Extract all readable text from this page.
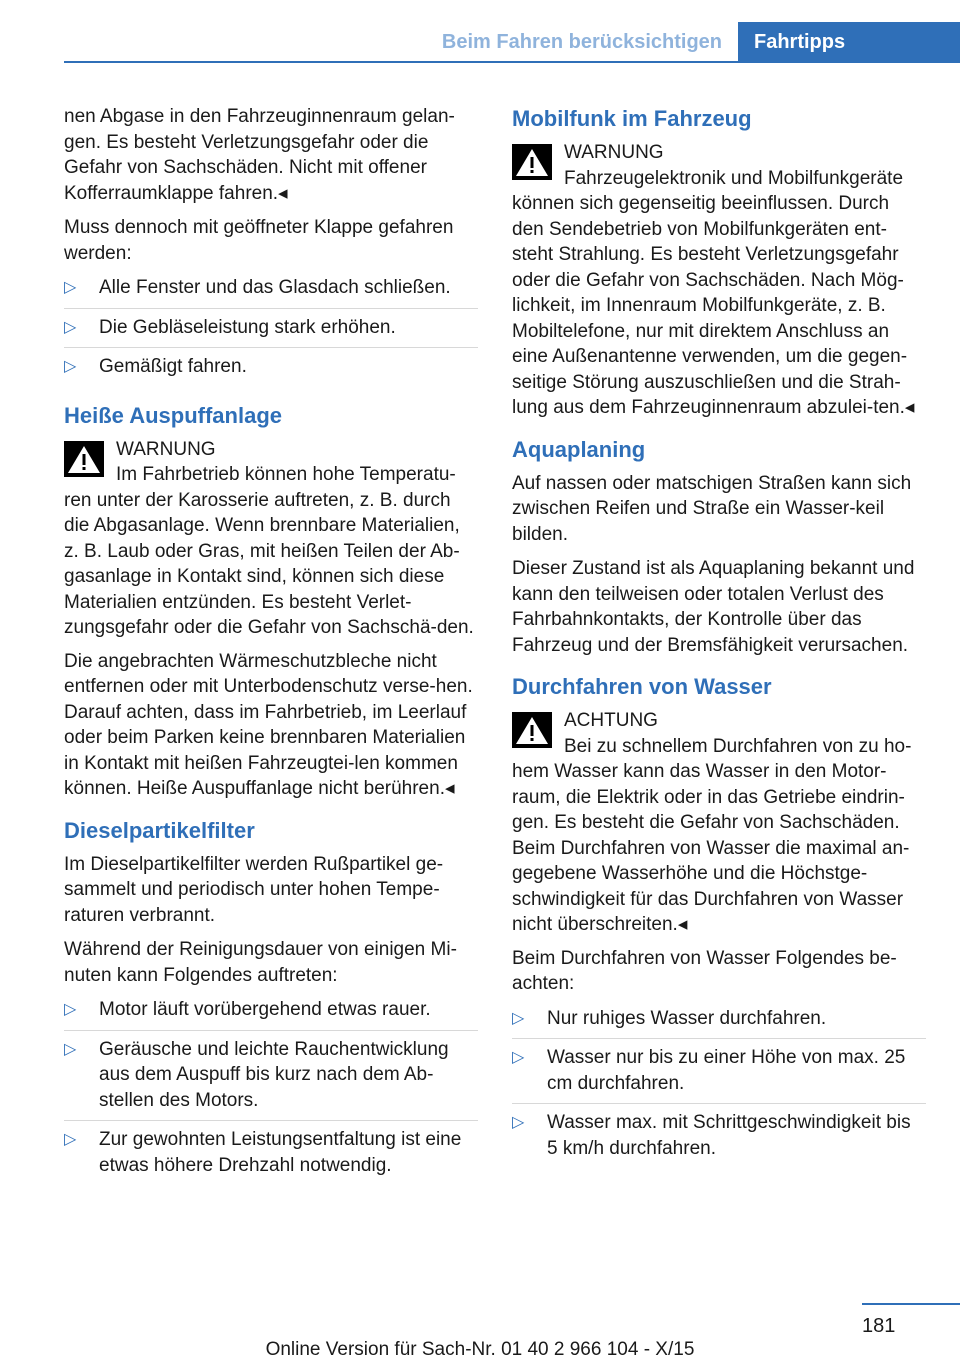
Beim Fahren berücksichtigen	Fahrtipps

nen Abgase in den Fahrzeuginnenraum gelan-gen. Es besteht Verletzungsgefahr oder die Gefahr von Sachschäden. Nicht mit offener Kofferraumklappe fahren.◂

Muss dennoch mit geöffneter Klappe gefahren werden:

▷ Alle Fenster und das Glasdach schließen.
▷ Die Gebläseleistung stark erhöhen.
▷ Gemäßigt fahren.
Heiße Auspuffanlage
WARNUNG
Im Fahrbetrieb können hohe Temperatu-ren unter der Karosserie auftreten, z. B. durch die Abgasanlage. Wenn brennbare Materialien, z. B. Laub oder Gras, mit heißen Teilen der Ab-gasanlage in Kontakt sind, können sich diese Materialien entzünden. Es besteht Verlet-zungsgefahr oder die Gefahr von Sachschä-den.

Die angebrachten Wärmeschutzbleche nicht entfernen oder mit Unterbodenschutz verse-hen. Darauf achten, dass im Fahrbetrieb, im Leerlauf oder beim Parken keine brennbaren Materialien in Kontakt mit heißen Fahrzeugtei-len kommen können. Heiße Auspuffanlage nicht berühren.◂

Dieselpartikelfilter

Im Dieselpartikelfilter werden Rußpartikel ge-sammelt und periodisch unter hohen Tempe-raturen verbrannt.

Während der Reinigungsdauer von einigen Mi-nuten kann Folgendes auftreten:

▷ Motor läuft vorübergehend etwas rauer.
▷ Geräusche und leichte Rauchentwicklung aus dem Auspuff bis kurz nach dem Ab-stellen des Motors.
▷ Zur gewohnten Leistungsentfaltung ist eine etwas höhere Drehzahl notwendig.
Mobilfunk im Fahrzeug
WARNUNG
Fahrzeugelektronik und Mobilfunkgeräte können sich gegenseitig beeinflussen. Durch den Sendebetrieb von Mobilfunkgeräten ent-steht Strahlung. Es besteht Verletzungsgefahr oder die Gefahr von Sachschäden. Nach Mög-lichkeit, im Innenraum Mobilfunkgeräte, z. B. Mobiltelefone, nur mit direktem Anschluss an eine Außenantenne verwenden, um die gegen-seitige Störung auszuschließen und die Strah-lung aus dem Fahrzeuginnenraum abzulei-ten.◂
Aquaplaning

Auf nassen oder matschigen Straßen kann sich zwischen Reifen und Straße ein Wasser-keil bilden.

Dieser Zustand ist als Aquaplaning bekannt und kann den teilweisen oder totalen Verlust des Fahrbahnkontakts, der Kontrolle über das Fahrzeug und der Bremsfähigkeit verursachen.

Durchfahren von Wasser
ACHTUNG
Bei zu schnellem Durchfahren von zu ho-hem Wasser kann das Wasser in den Motor-raum, die Elektrik oder in das Getriebe eindrin-gen. Es besteht die Gefahr von Sachschäden. Beim Durchfahren von Wasser die maximal an-gegebene Wasserhöhe und die Höchstge-schwindigkeit für das Durchfahren von Wasser nicht überschreiten.◂

Beim Durchfahren von Wasser Folgendes be-achten:

▷ Nur ruhiges Wasser durchfahren.
▷ Wasser nur bis zu einer Höhe von max. 25 cm durchfahren.
▷ Wasser max. mit Schrittgeschwindigkeit bis 5 km/h durchfahren.
181
Online Version für Sach-Nr. 01 40 2 966 104 - X/15
